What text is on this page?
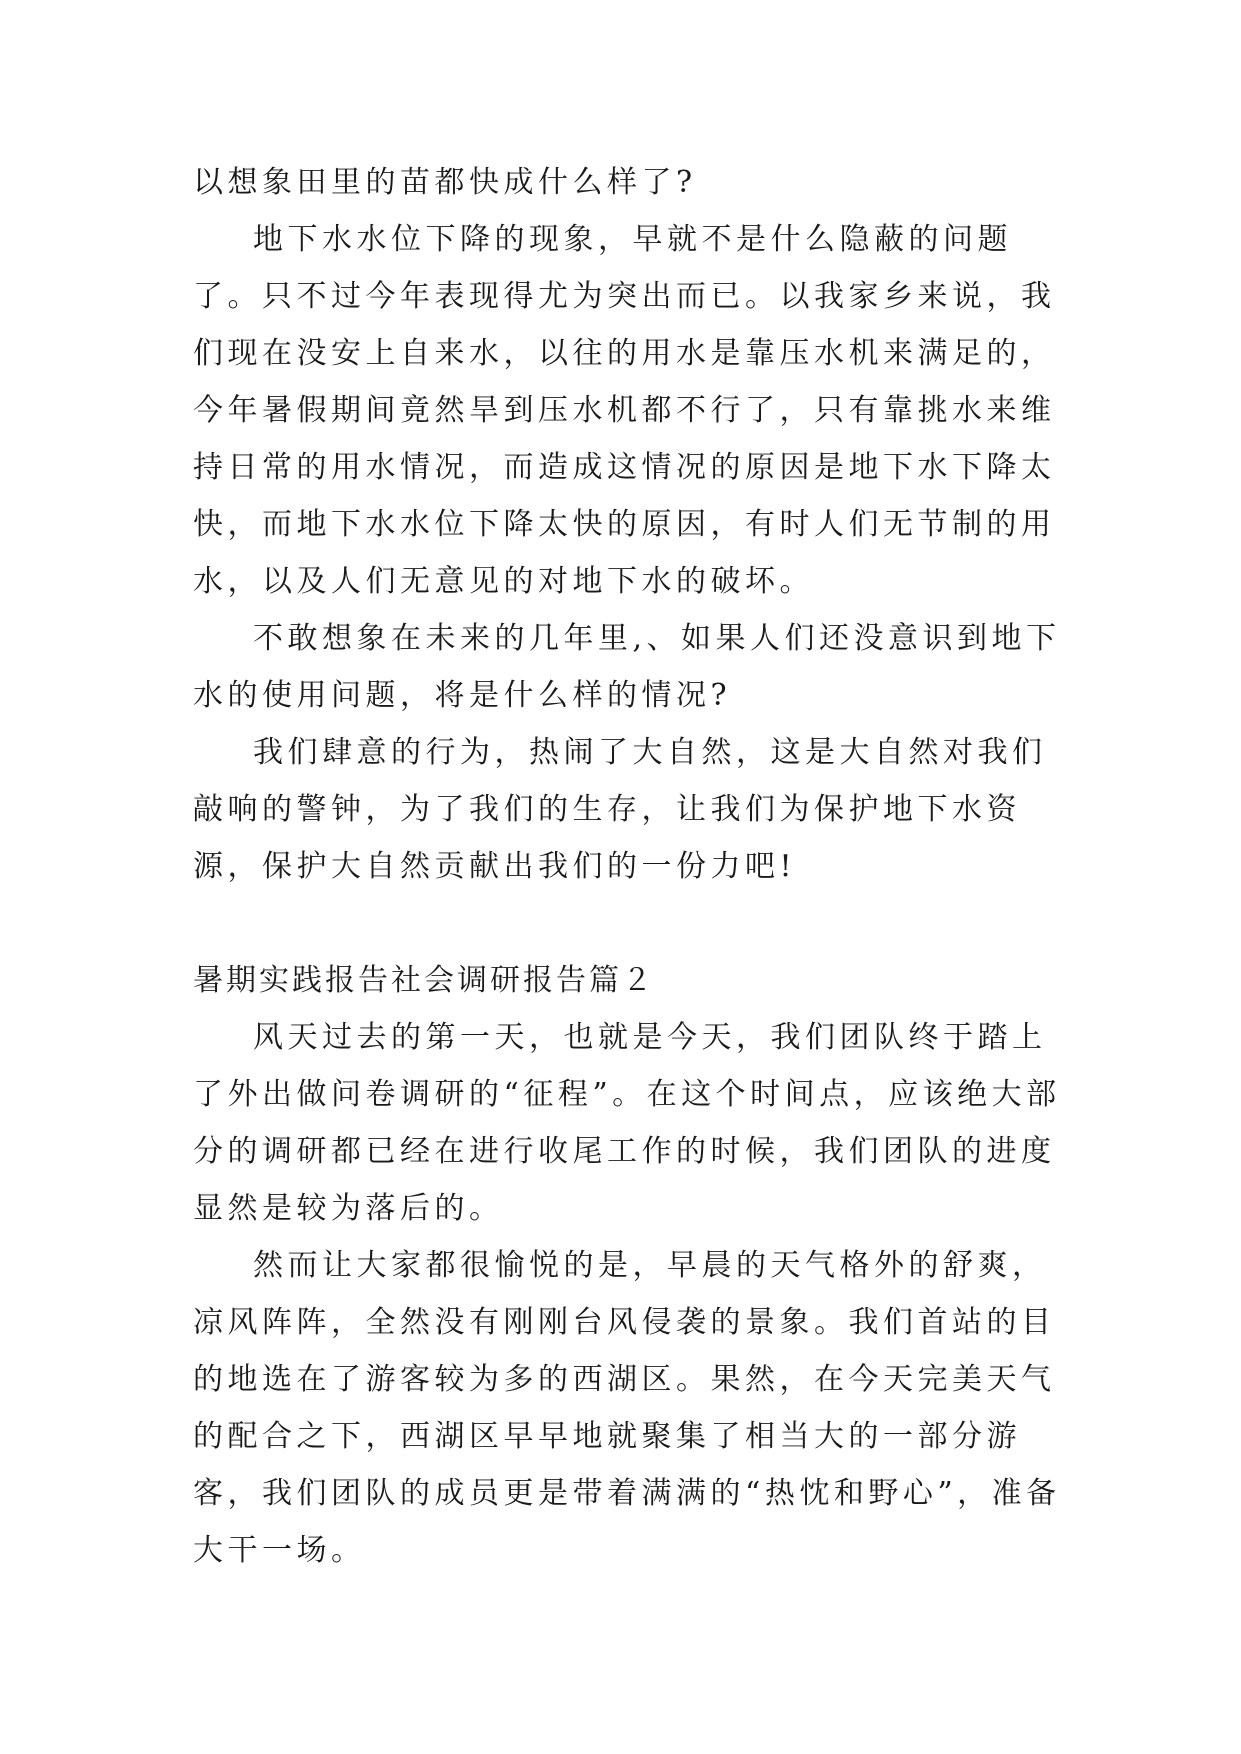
以想象田里的苗都快成什么样了?

地下水水位下降的现象，早就不是什么隐蔽的问题了。只不过今年表现得尤为突出而已。以我家乡来说，我们现在没安上自来水，以往的用水是靠压水机来满足的，今年暑假期间竟然旱到压水机都不行了，只有靠挑水来维持日常的用水情况，而造成这情况的原因是地下水下降太快，而地下水水位下降太快的原因，有时人们无节制的用水，以及人们无意见的对地下水的破坏。

不敢想象在未来的几年里,、如果人们还没意识到地下水的使用问题，将是什么样的情况?

我们肆意的行为，热闹了大自然，这是大自然对我们敲响的警钟，为了我们的生存，让我们为保护地下水资源，保护大自然贡献出我们的一份力吧!

暑期实践报告社会调研报告篇２

风天过去的第一天，也就是今天，我们团队终于踏上了外出做问卷调研的“征程”。在这个时间点，应该绝大部分的调研都已经在进行收尾工作的时候，我们团队的进度显然是较为落后的。

然而让大家都很愉悦的是，早晨的天气格外的舒爽，凉风阵阵，全然没有刚刚台风侵袭的景象。我们首站的目的地选在了游客较为多的西湖区。果然，在今天完美天气的配合之下，西湖区早早地就聚集了相当大的一部分游客，我们团队的成员更是带着满满的“热忱和野心”，准备大干一场。
